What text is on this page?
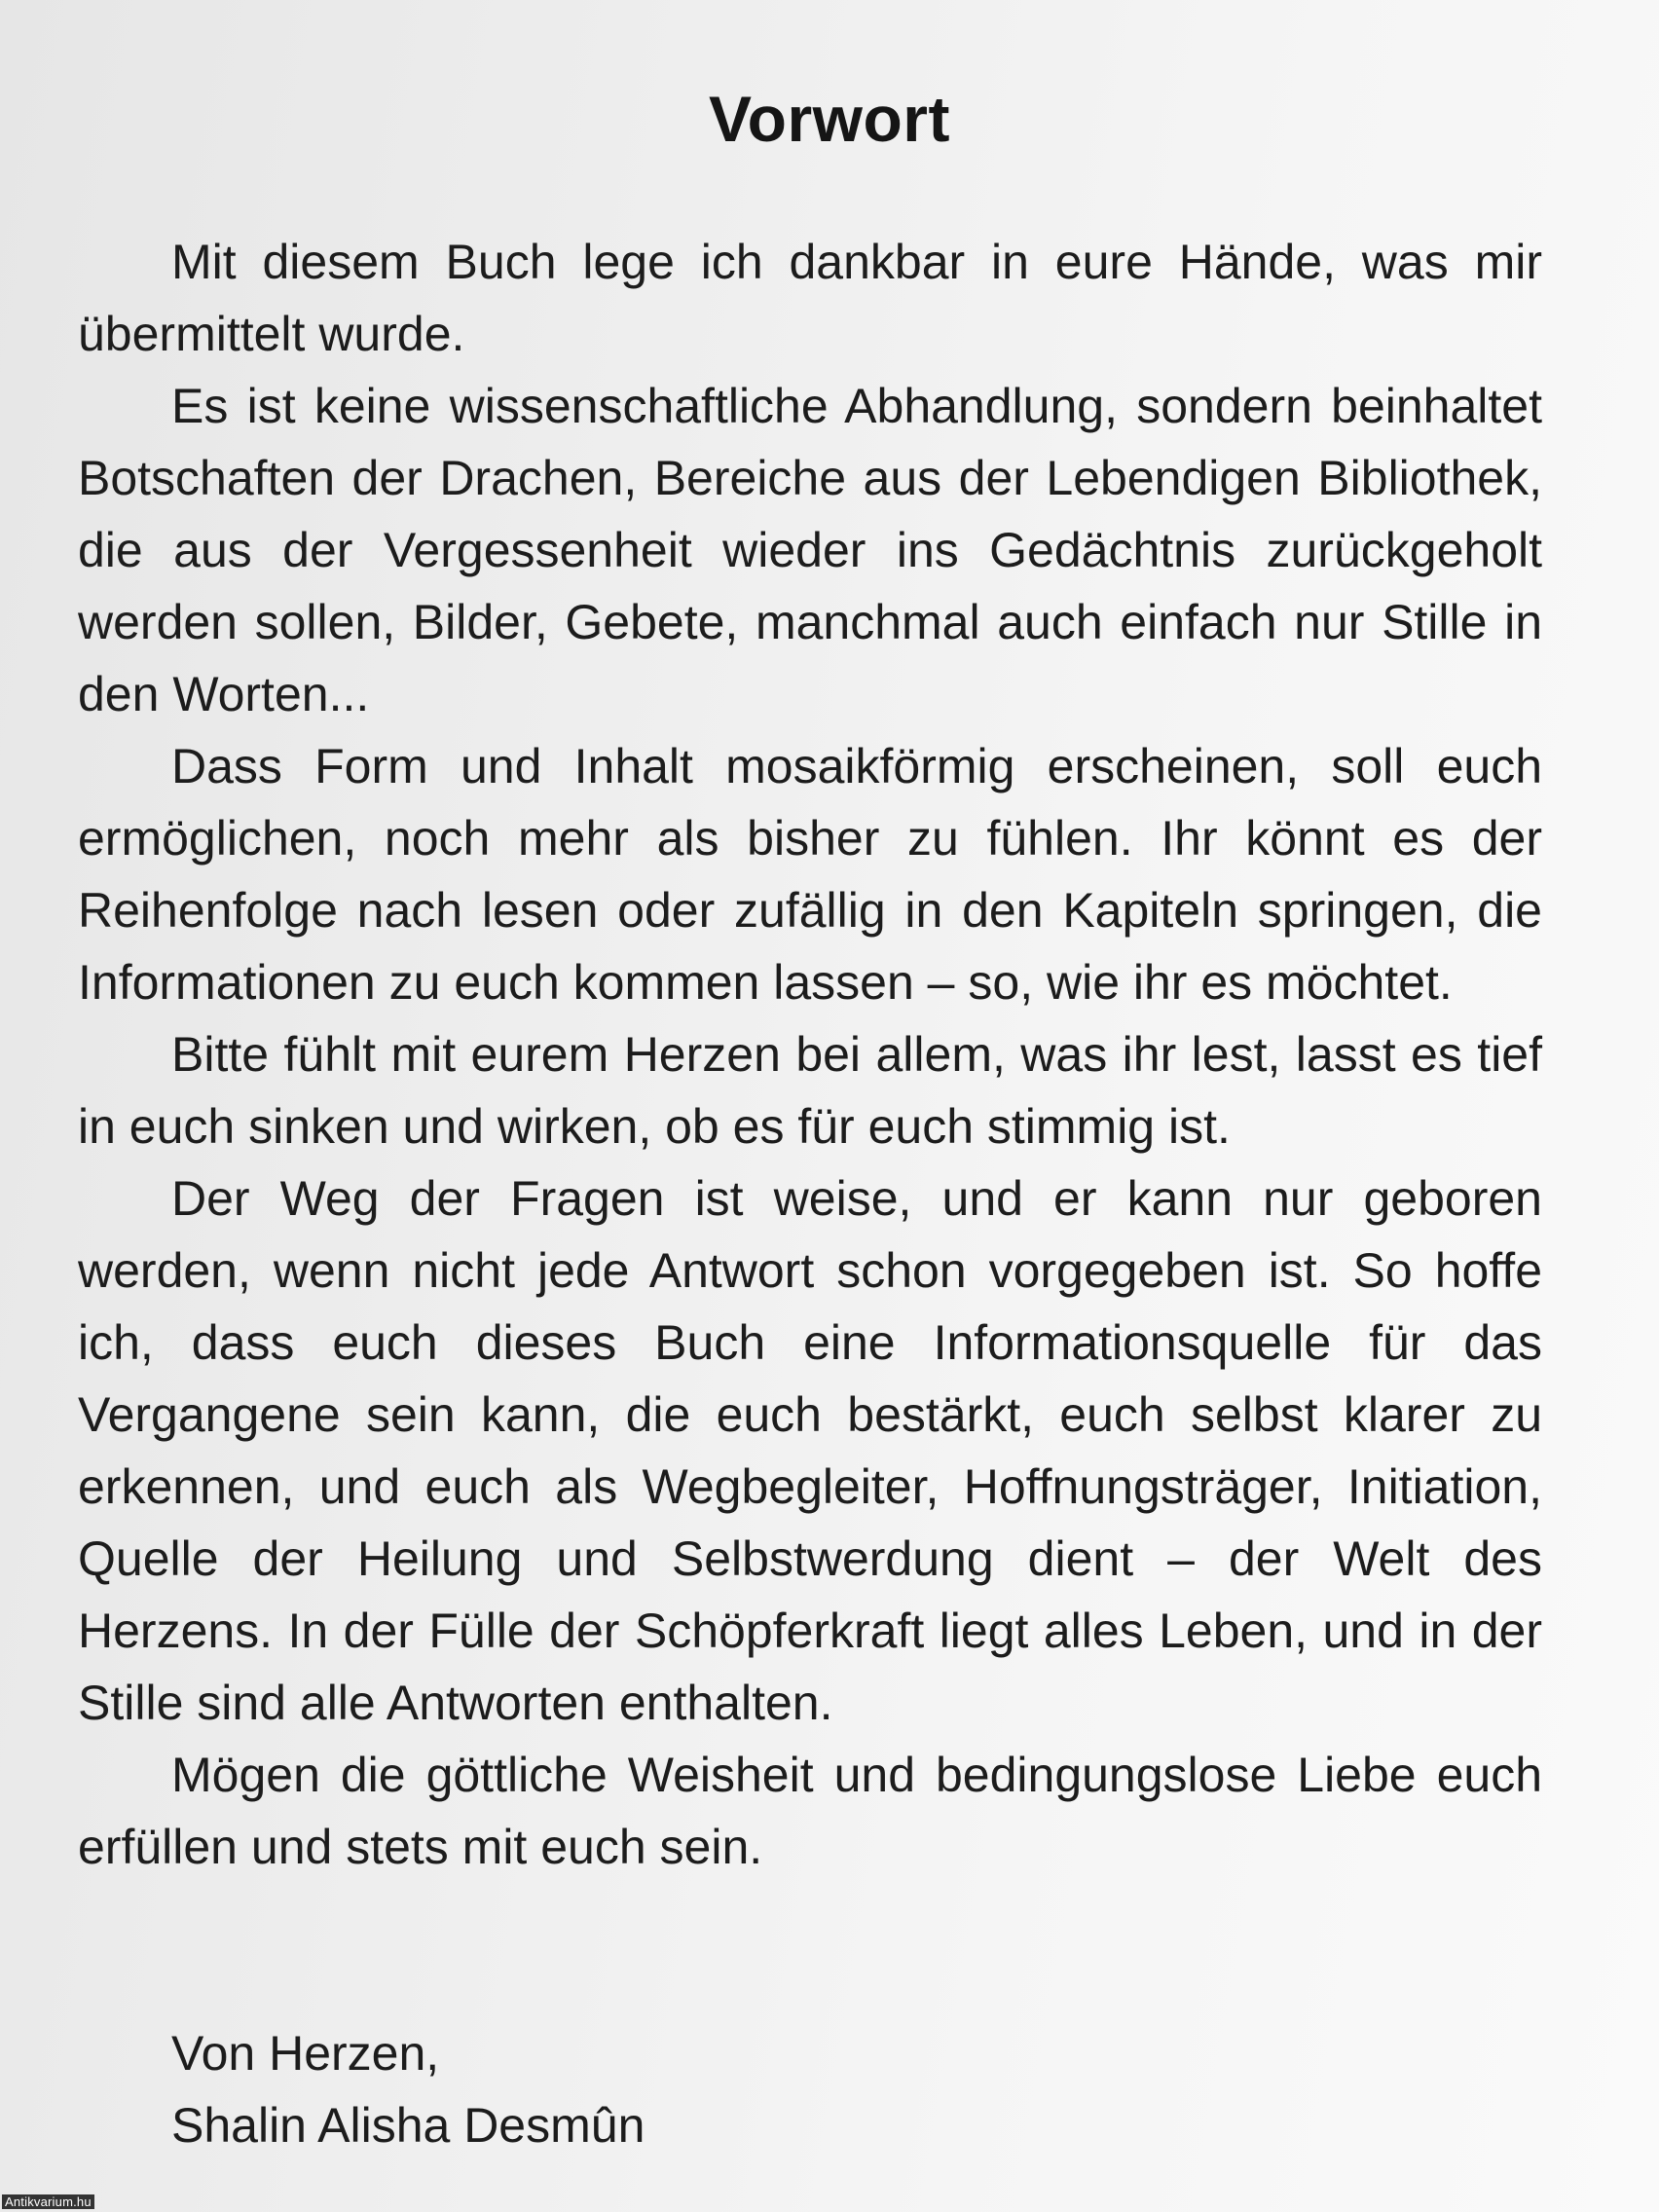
Vorwort

Mit diesem Buch lege ich dankbar in eure Hände, was mir übermittelt wurde.

Es ist keine wissenschaftliche Abhandlung, sondern beinhaltet Botschaften der Drachen, Bereiche aus der Lebendigen Bibliothek, die aus der Vergessenheit wieder ins Gedächtnis zurückgeholt werden sollen, Bilder, Gebete, manchmal auch einfach nur Stille in den Worten...

Dass Form und Inhalt mosaikförmig erscheinen, soll euch ermöglichen, noch mehr als bisher zu fühlen. Ihr könnt es der Reihenfolge nach lesen oder zufällig in den Kapiteln springen, die Informationen zu euch kommen lassen – so, wie ihr es möchtet.

Bitte fühlt mit eurem Herzen bei allem, was ihr lest, lasst es tief in euch sinken und wirken, ob es für euch stimmig ist.

Der Weg der Fragen ist weise, und er kann nur geboren werden, wenn nicht jede Antwort schon vorgegeben ist. So hoffe ich, dass euch dieses Buch eine Informationsquelle für das Vergangene sein kann, die euch bestärkt, euch selbst klarer zu erkennen, und euch als Wegbegleiter, Hoffnungsträger, Initiation, Quelle der Heilung und Selbstwerdung dient – der Welt des Herzens. In der Fülle der Schöpferkraft liegt alles Leben, und in der Stille sind alle Antworten enthalten.

Mögen die göttliche Weisheit und bedingungslose Liebe euch erfüllen und stets mit euch sein.

Von Herzen,
Shalin Alisha Desmûn
Antikvarium.hu
